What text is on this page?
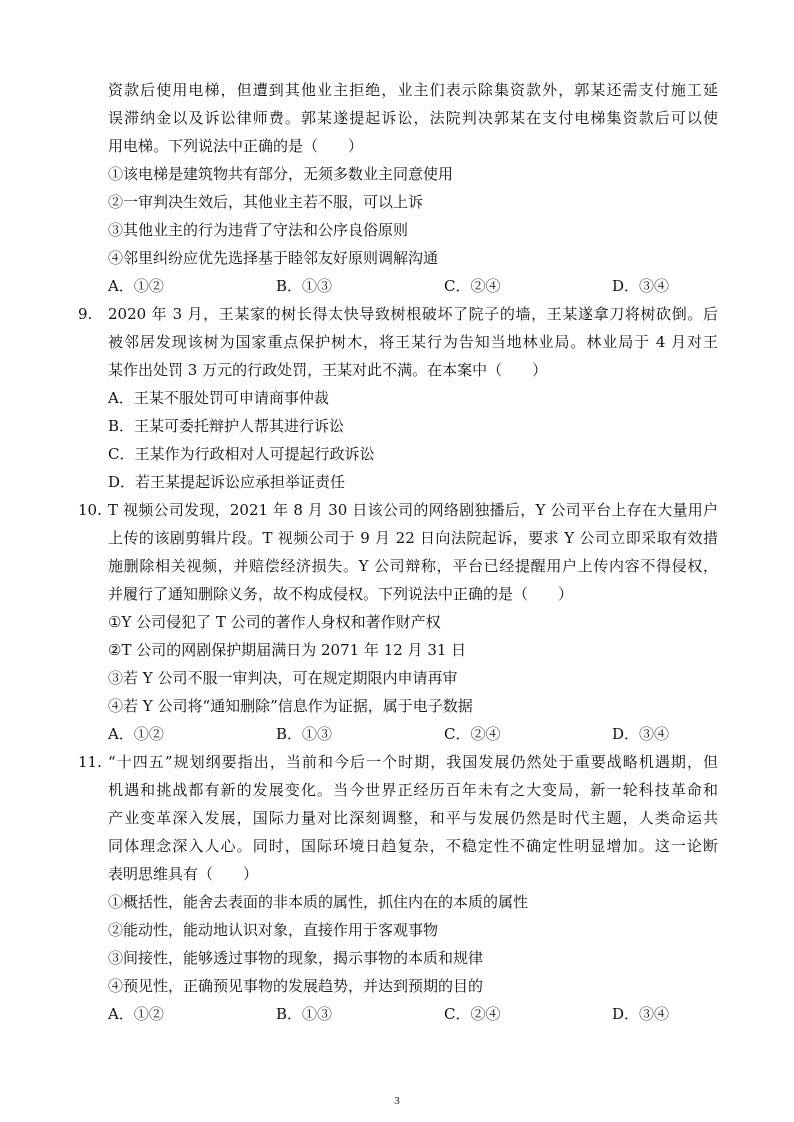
资款后使用电梯，但遭到其他业主拒绝，业主们表示除集资款外，郭某还需支付施工延
误滞纳金以及诉讼律师费。郭某遂提起诉讼，法院判决郭某在支付电梯集资款后可以使
用电梯。下列说法中正确的是（　　）
①该电梯是建筑物共有部分，无须多数业主同意使用
②一审判决生效后，其他业主若不服，可以上诉
③其他业主的行为违背了守法和公序良俗原则
④邻里纠纷应优先选择基于睦邻友好原则调解沟通
A．①②	B．①③	C．②④	D．③④
9.	2020 年 3 月，王某家的树长得太快导致树根破坏了院子的墙，王某遂拿刀将树砍倒。后
被邻居发现该树为国家重点保护树木，将王某行为告知当地林业局。林业局于 4 月对王
某作出处罚 3 万元的行政处罚，王某对此不满。在本案中（　　）
A．王某不服处罚可申请商事仲裁
B．王某可委托辩护人帮其进行诉讼
C．王某作为行政相对人可提起行政诉讼
D．若王某提起诉讼应承担举证责任
10. T 视频公司发现，2021 年 8 月 30 日该公司的网络剧独播后，Y 公司平台上存在大量用户
上传的该剧剪辑片段。T 视频公司于 9 月 22 日向法院起诉，要求 Y 公司立即采取有效措
施删除相关视频，并赔偿经济损失。Y 公司辩称，平台已经提醒用户上传内容不得侵权，
并履行了通知删除义务，故不构成侵权。下列说法中正确的是（　　）
①Y 公司侵犯了 T 公司的著作人身权和著作财产权
②T 公司的网剧保护期届满日为 2071 年 12 月 31 日
③若 Y 公司不服一审判决，可在规定期限内申请再审
④若 Y 公司将“通知删除”信息作为证据，属于电子数据
A．①②	B．①③	C．②④	D．③④
11. “十四五”规划纲要指出，当前和今后一个时期，我国发展仍然处于重要战略机遇期，但
机遇和挑战都有新的发展变化。当今世界正经历百年未有之大变局，新一轮科技革命和
产业变革深入发展，国际力量对比深刻调整，和平与发展仍然是时代主题，人类命运共
同体理念深入人心。同时，国际环境日趋复杂，不稳定性不确定性明显增加。这一论断
表明思维具有（　　）
①概括性，能舍去表面的非本质的属性，抓住内在的本质的属性
②能动性，能动地认识对象，直接作用于客观事物
③间接性，能够透过事物的现象，揭示事物的本质和规律
④预见性，正确预见事物的发展趋势，并达到预期的目的
A．①②	B．①③	C．②④	D．③④
3
